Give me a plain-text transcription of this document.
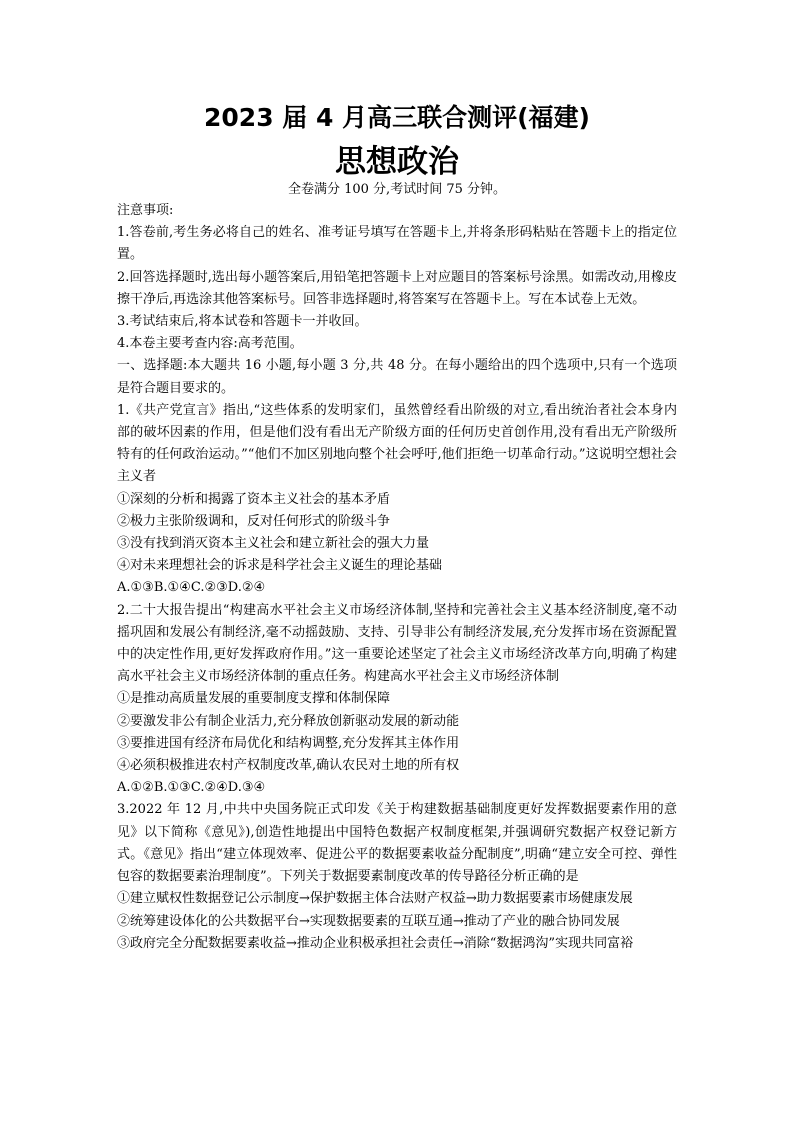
2023 届 4 月高三联合测评(福建)
思想政治
全卷满分 100 分,考试时间 75 分钟。

注意事项:

1.答卷前,考生务必将自己的姓名、准考证号填写在答题卡上,并将条形码粘贴在答题卡上的指定位置。

2.回答选择题时,选出每小题答案后,用铅笔把答题卡上对应题目的答案标号涂黑。如需改动,用橡皮擦干净后,再选涂其他答案标号。回答非选择题时,将答案写在答题卡上。写在本试卷上无效。

3.考试结束后,将本试卷和答题卡一并收回。

4.本卷主要考查内容:高考范围。

一、选择题:本大题共 16 小题,每小题 3 分,共 48 分。在每小题给出的四个选项中,只有一个选项是符合题目要求的。

1.《共产党宣言》指出,“这些体系的发明家们，虽然曾经看出阶级的对立,看出统治者社会本身内部的破坏因素的作用，但是他们没有看出无产阶级方面的任何历史首创作用,没有看出无产阶级所特有的任何政治运动。”“他们不加区别地向整个社会呼吁,他们拒绝一切革命行动。”这说明空想社会主义者

①深刻的分析和揭露了资本主义社会的基本矛盾

②极力主张阶级调和，反对任何形式的阶级斗争

③没有找到消灭资本主义社会和建立新社会的强大力量

④对未来理想社会的诉求是科学社会主义诞生的理论基础

A.①③B.①④C.②③D.②④

2.二十大报告提出“构建高水平社会主义市场经济体制,坚持和完善社会主义基本经济制度,毫不动摇巩固和发展公有制经济,毫不动摇鼓励、支持、引导非公有制经济发展,充分发挥市场在资源配置中的决定性作用,更好发挥政府作用。”这一重要论述坚定了社会主义市场经济改革方向,明确了构建高水平社会主义市场经济体制的重点任务。构建高水平社会主义市场经济体制

①是推动高质量发展的重要制度支撑和体制保障

②要激发非公有制企业活力,充分释放创新驱动发展的新动能

③要推进国有经济布局优化和结构调整,充分发挥其主体作用

④必须积极推进农村产权制度改革,确认农民对土地的所有权

A.①②B.①③C.②④D.③④

3.2022 年 12 月,中共中央国务院正式印发《关于构建数据基础制度更好发挥数据要素作用的意见》以下简称《意见》),创造性地提出中国特色数据产权制度框架,并强调研究数据产权登记新方式。《意见》指出“建立体现效率、促进公平的数据要素收益分配制度”,明确“建立安全可控、弹性包容的数据要素治理制度”。下列关于数据要素制度改革的传导路径分析正确的是

①建立赋权性数据登记公示制度→保护数据主体合法财产权益→助力数据要素市场健康发展

②统筹建设体化的公共数据平台→实现数据要素的互联互通→推动了产业的融合协同发展

③政府完全分配数据要素收益→推动企业积极承担社会责任→消除“数据鸿沟”实现共同富裕
